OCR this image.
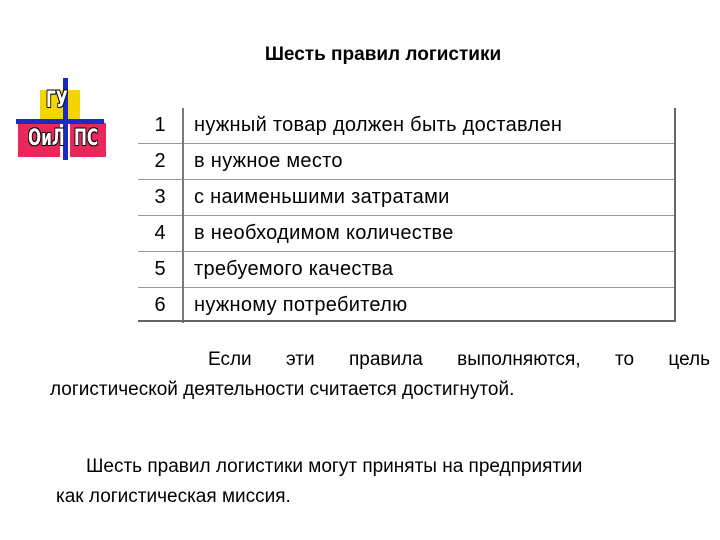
Шесть правил логистики
ГУ
ОиЛ ПС
1	нужный товар должен быть доставлен
2	в нужное место
3	с наименьшими затратами
4	в необходимом количестве
5	требуемого качества
6	нужному потребителю
Если эти правила выполняются, то цель
логистической деятельности считается достигнутой.
Шесть правил логистики могут приняты на предприятии
как логистическая миссия.
